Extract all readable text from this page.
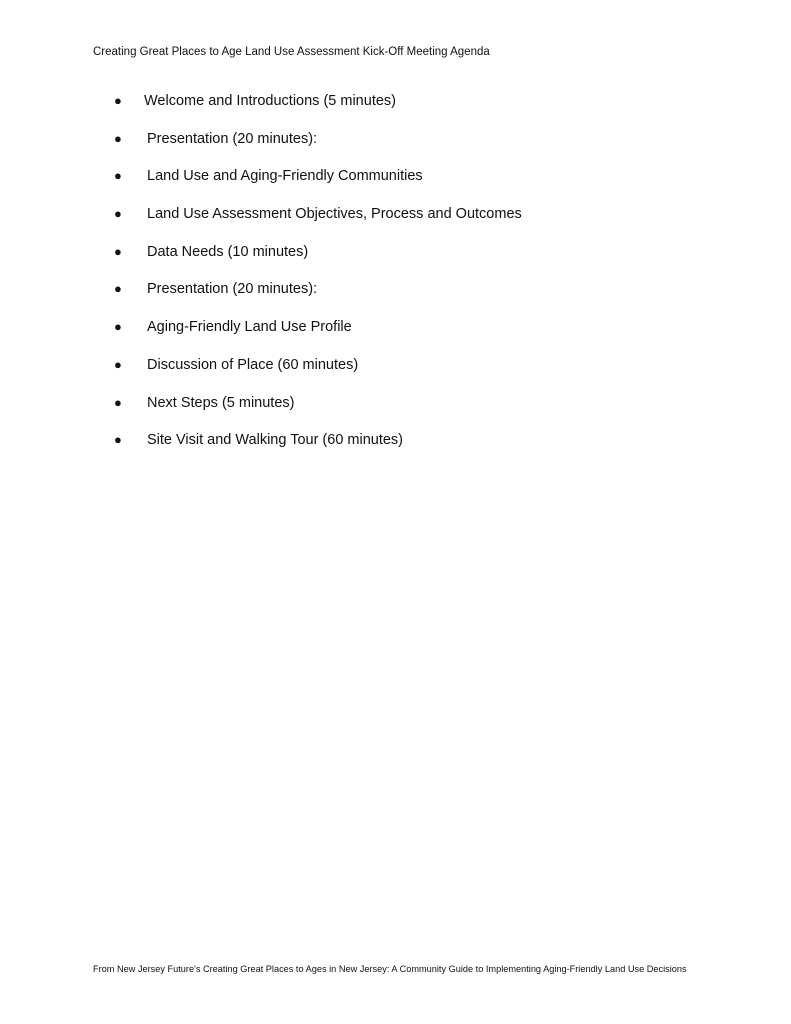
Creating Great Places to Age Land Use Assessment Kick-Off Meeting Agenda
● Welcome and Introductions (5 minutes)
● Presentation (20 minutes):
● Land Use and Aging-Friendly Communities
● Land Use Assessment Objectives, Process and Outcomes
● Data Needs (10 minutes)
● Presentation (20 minutes):
● Aging-Friendly Land Use Profile
● Discussion of Place (60 minutes)
● Next Steps (5 minutes)
● Site Visit and Walking Tour (60 minutes)
From New Jersey Future's Creating Great Places to Ages in New Jersey: A Community Guide to Implementing Aging-Friendly Land Use Decisions
